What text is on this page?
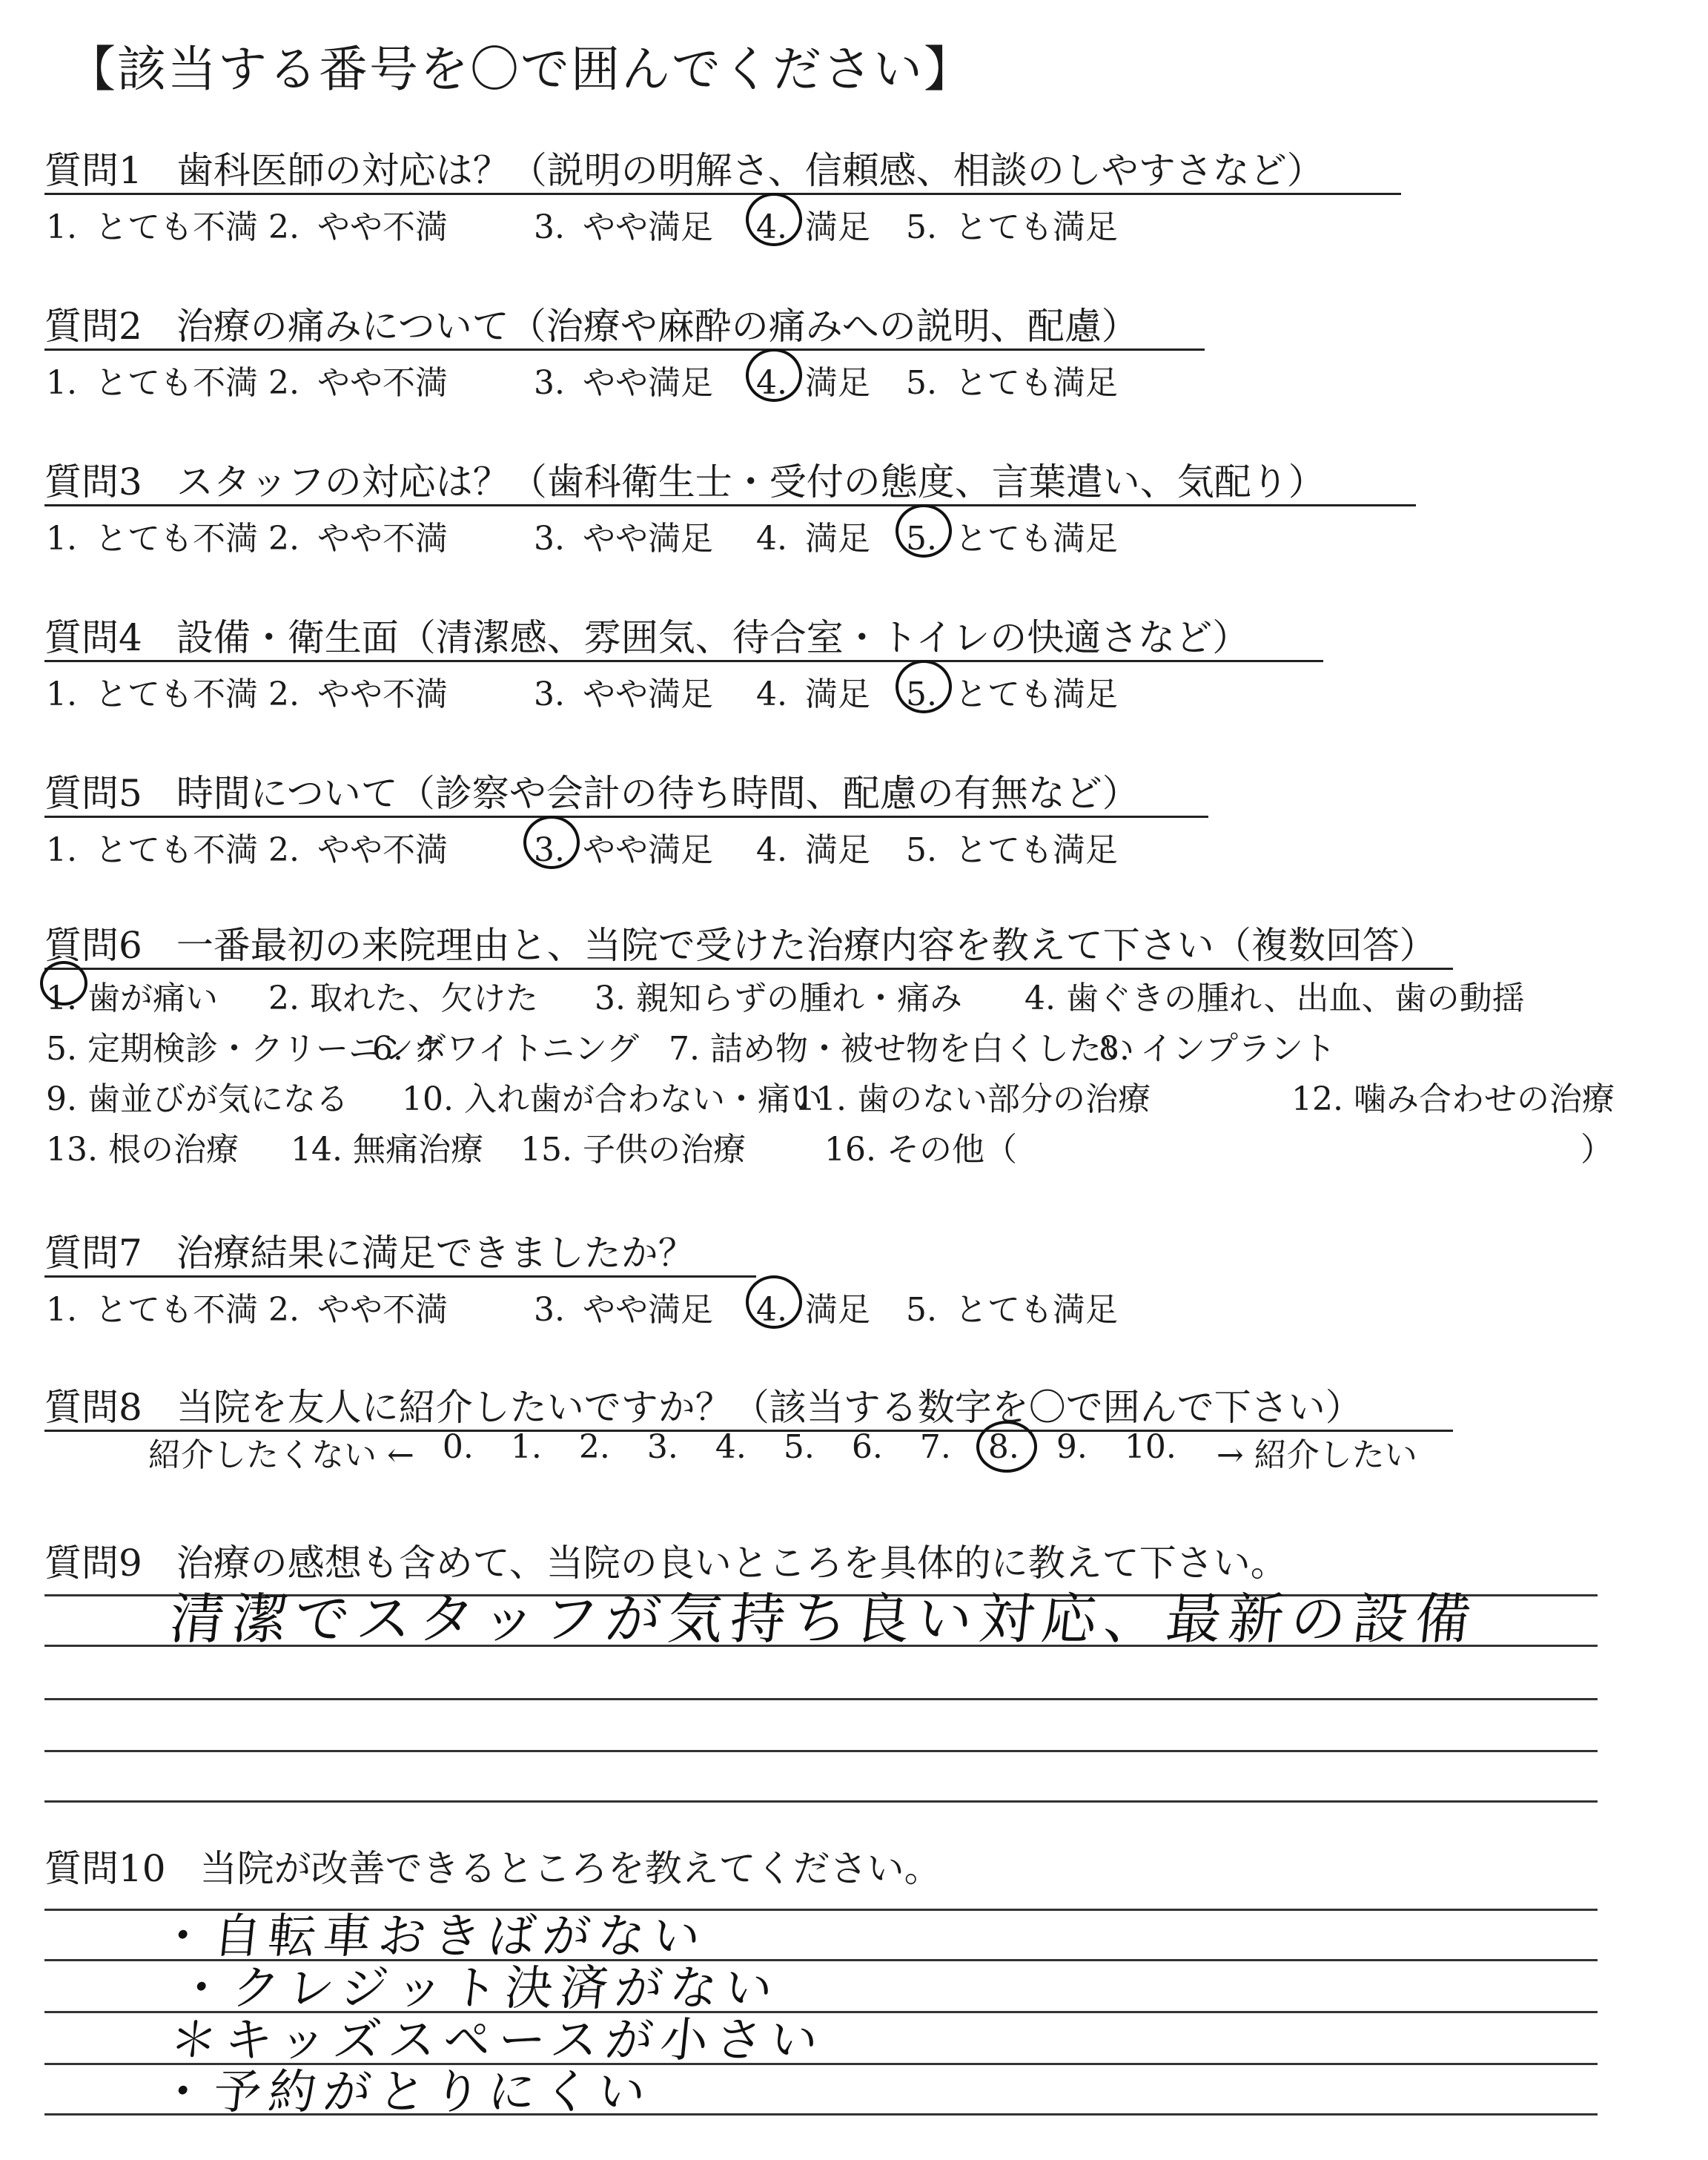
【該当する番号を〇で囲んでください】
質問1 歯科医師の対応は？（説明の明解さ、信頼感、相談のしやすさなど）
1. とても不満 2. やや不満	3. やや満足 4. 満足 5. とても満足
質問2 治療の痛みについて（治療や麻酔の痛みへの説明、配慮）
1. とても不満 2. やや不満	3. やや満足 4. 満足 5. とても満足
質問3 スタッフの対応は？（歯科衛生士・受付の態度、言葉遣い、気配り）
1. とても不満 2. やや不満	3. やや満足 4. 満足 5. とても満足
質問4 設備・衛生面（清潔感、雰囲気、待合室・トイレの快適さなど）
1. とても不満 2. やや不満	3. やや満足 4. 満足 5. とても満足
質問5 時間について（診察や会計の待ち時間、配慮の有無など）
1. とても不満 2. やや不満	3. やや満足 4. 満足 5. とても満足
質問6 一番最初の来院理由と、当院で受けた治療内容を教えて下さい（複数回答）
1. 歯が痛い 2. 取れた、欠けた 3. 親知らずの腫れ・痛み 4. 歯ぐきの腫れ、出血、歯の動揺
5. 定期検診・クリーニング
6. ホワイトニング 7. 詰め物・被せ物を白くしたい
8. インプラント
9. 歯並びが気になる 10. 入れ歯が合わない・痛い
11. 歯のない部分の治療	12. 噛み合わせの治療
13. 根の治療 14. 無痛治療 15. 子供の治療 16. その他（	）
質問7 治療結果に満足できましたか？
1. とても不満 2. やや不満	3. やや満足 4. 満足 5. とても満足
質問8 当院を友人に紹介したいですか？（該当する数字を〇で囲んで下さい）
紹介したくない ← 0.	1.	2.	3.	4.	5.	6.	7.	8.	9.	10.	→ 紹介したい
質問9 治療の感想も含めて、当院の良いところを具体的に教えて下さい。
清潔でスタッフが気持ち良い対応、最新の設備
質問10 当院が改善できるところを教えてください。
・自転車おきばがない
・クレジット決済がない
＊キッズスペースが小さい
・予約がとりにくい
